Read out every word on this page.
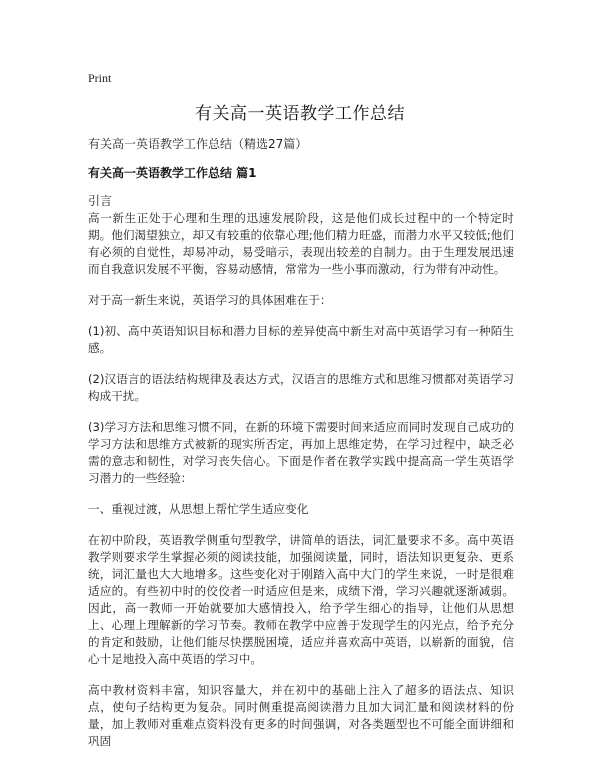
Print
有关高一英语教学工作总结
有关高一英语教学工作总结（精选27篇）
有关高一英语教学工作总结 篇1
引言

高一新生正处于心理和生理的迅速发展阶段，这是他们成长过程中的一个特定时期。他们渴望独立，却又有较重的依靠心理;他们精力旺盛，而潜力水平又较低;他们有必须的自觉性，却易冲动，易受暗示，表现出较差的自制力。由于生理发展迅速而自我意识发展不平衡，容易动感情，常常为一些小事而激动，行为带有冲动性。

对于高一新生来说，英语学习的具体困难在于：

(1)初、高中英语知识目标和潜力目标的差异使高中新生对高中英语学习有一种陌生感。

(2)汉语言的语法结构规律及表达方式，汉语言的思维方式和思维习惯都对英语学习构成干扰。

(3)学习方法和思维习惯不同，在新的环境下需要时间来适应而同时发现自己成功的学习方法和思维方式被新的现实所否定，再加上思维定势，在学习过程中，缺乏必需的意志和韧性，对学习丧失信心。下面是作者在教学实践中提高高一学生英语学习潜力的一些经验：

一、重视过渡，从思想上帮忙学生适应变化

在初中阶段，英语教学侧重句型教学，讲简单的语法，词汇量要求不多。高中英语教学则要求学生掌握必须的阅读技能，加强阅读量，同时，语法知识更复杂、更系统，词汇量也大大地增多。这些变化对于刚踏入高中大门的学生来说，一时是很难适应的。有些初中时的佼佼者一时适应但是来，成绩下滑，学习兴趣就逐渐减弱。因此，高一教师一开始就要加大感情投入，给予学生细心的指导，让他们从思想上、心理上理解新的学习节奏。教师在教学中应善于发现学生的闪光点，给予充分的肯定和鼓励，让他们能尽快摆脱困境，适应并喜欢高中英语，以崭新的面貌，信心十足地投入高中英语的学习中。

高中教材资料丰富，知识容量大，并在初中的基础上注入了超多的语法点、知识点，使句子结构更为复杂。同时侧重提高阅读潜力且加大词汇量和阅读材料的份量，加上教师对重难点资料没有更多的时间强调，对各类题型也不可能全面讲细和巩固
